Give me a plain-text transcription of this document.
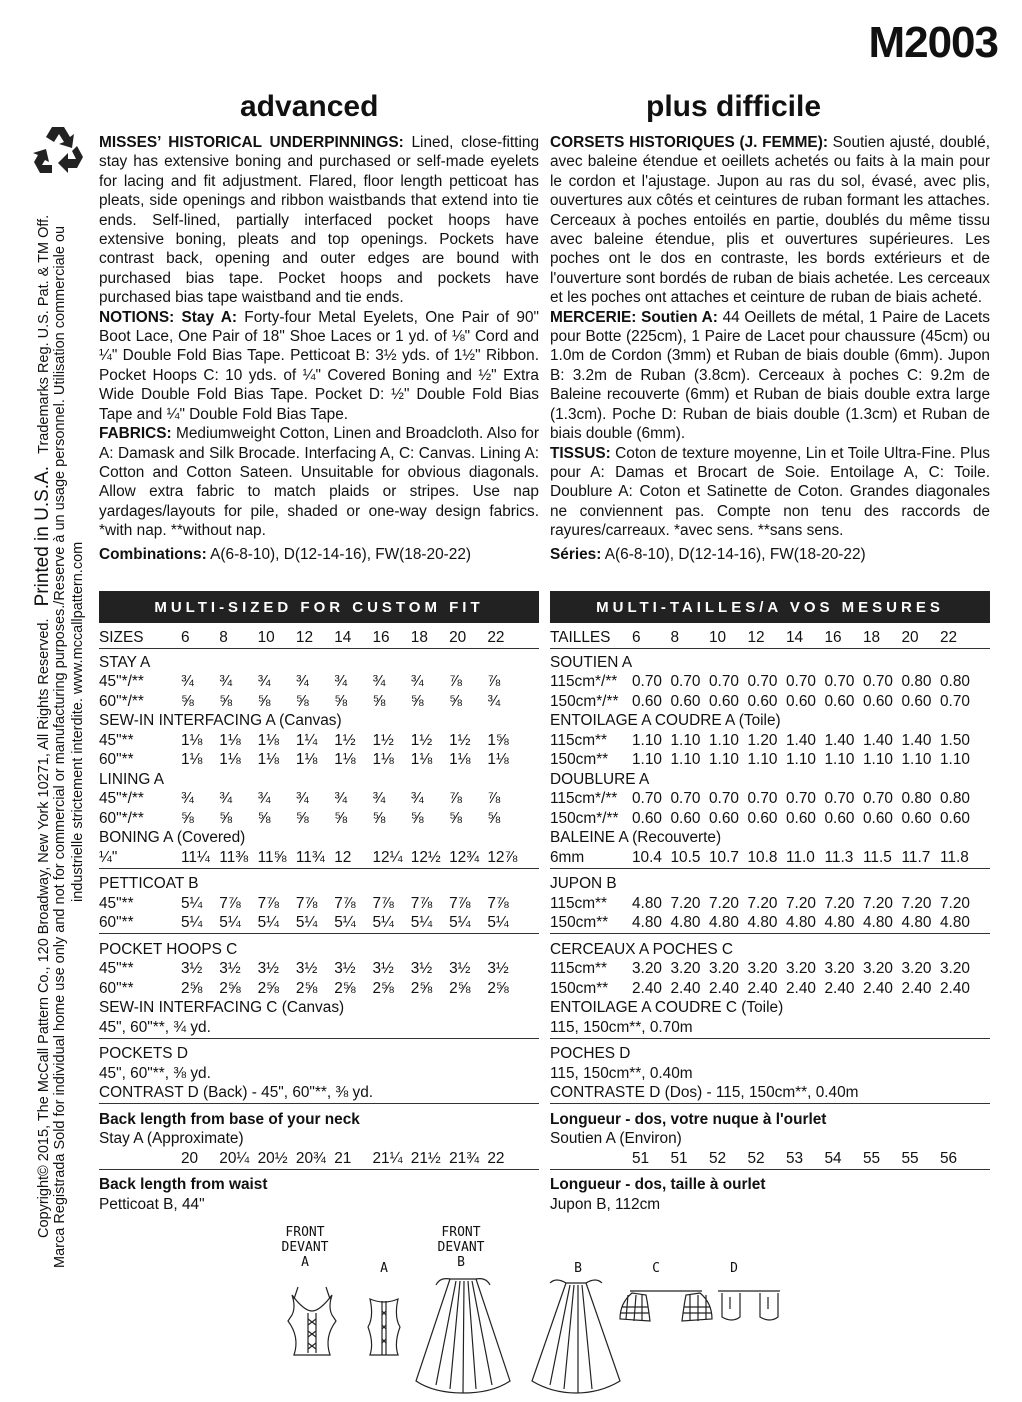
M2003
advanced	plus difficile
Copyright© 2015, The McCall Pattern Co., 120 Broadway, New York 10271, All Rights Reserved.   Printed in U.S.A.   Trademarks Reg. U.S. Pat. & TM Off. Marca Registrada Sold for individual home use only and not for commercial or manufacturing purposes./Reserve à un usage personnel. Utilisation commerciale ou industrielle strictement interdite. www.mccallpattern.com
MISSES’ HISTORICAL UNDERPINNINGS: Lined, close-fitting stay has extensive boning and purchased or self-made eyelets for lacing and fit adjustment. Flared, floor length petticoat has pleats, side openings and ribbon waistbands that extend into tie ends. Self-lined, partially interfaced pocket hoops have extensive boning, pleats and top openings. Pockets have contrast back, opening and outer edges are bound with purchased bias tape. Pocket hoops and pockets have purchased bias tape waistband and tie ends.
NOTIONS: Stay A: Forty-four Metal Eyelets, One Pair of 90" Boot Lace, One Pair of 18" Shoe Laces or 1 yd. of ⅛" Cord and ¼" Double Fold Bias Tape. Petticoat B: 3½ yds. of 1½" Ribbon. Pocket Hoops C: 10 yds. of ¼" Covered Boning and ½" Extra Wide Double Fold Bias Tape. Pocket D: ½" Double Fold Bias Tape and ¼" Double Fold Bias Tape.
FABRICS: Mediumweight Cotton, Linen and Broadcloth. Also for A: Damask and Silk Brocade. Interfacing A, C: Canvas. Lining A: Cotton and Cotton Sateen. Unsuitable for obvious diagonals. Allow extra fabric to match plaids or stripes. Use nap yardages/layouts for pile, shaded or one-way design fabrics. *with nap. **without nap.
Combinations: A(6-8-10), D(12-14-16), FW(18-20-22)
CORSETS HISTORIQUES (J. FEMME): Soutien ajusté, doublé, avec baleine étendue et oeillets achetés ou faits à la main pour le cordon et l'ajustage. Jupon au ras du sol, évasé, avec plis, ouvertures aux côtés et ceintures de ruban formant les attaches. Cerceaux à poches entoilés en partie, doublés du même tissu avec baleine étendue, plis et ouvertures supérieures. Les poches ont le dos en contraste, les bords extérieurs et de l'ouverture sont bordés de ruban de biais achetée. Les cerceaux et les poches ont attaches et ceinture de ruban de biais acheté.
MERCERIE: Soutien A: 44 Oeillets de métal, 1 Paire de Lacets pour Botte (225cm), 1 Paire de Lacet pour chaussure (45cm) ou 1.0m de Cordon (3mm) et Ruban de biais double (6mm). Jupon B: 3.2m de Ruban (3.8cm). Cerceaux à poches C: 9.2m de Baleine recouverte (6mm) et Ruban de biais double extra large (1.3cm). Poche D: Ruban de biais double (1.3cm) et Ruban de biais double (6mm).
TISSUS: Coton de texture moyenne, Lin et Toile Ultra-Fine. Plus pour A: Damas et Brocart de Soie. Entoilage A, C: Toile. Doublure A: Coton et Satinette de Coton. Grandes diagonales ne conviennent pas. Compte non tenu des raccords de rayures/carreaux. *avec sens. **sans sens.
Séries: A(6-8-10), D(12-14-16), FW(18-20-22)
MULTI-SIZED FOR CUSTOM FIT	MULTI-TAILLES/A VOS MESURES
SIZES	6	8	10	12	14	16	18	20	22
STAY A
45"*/**	¾	¾	¾	¾	¾	¾	¾	⅞	⅞
60"*/**	⅝	⅝	⅝	⅝	⅝	⅝	⅝	⅝	¾
SEW-IN INTERFACING A (Canvas)
45"**	1⅛	1⅛	1⅛	1¼	1½	1½	1½	1½	1⅝
60"**	1⅛	1⅛	1⅛	1⅛	1⅛	1⅛	1⅛	1⅛	1⅛
LINING A
45"*/**	¾	¾	¾	¾	¾	¾	¾	⅞	⅞
60"*/**	⅝	⅝	⅝	⅝	⅝	⅝	⅝	⅝	⅝
BONING A (Covered)
¼"	11¼ 11⅜ 11⅝ 11¾ 12	12¼ 12½ 12¾ 12⅞
PETTICOAT B
45"**	5¼	7⅞	7⅞	7⅞	7⅞	7⅞	7⅞	7⅞	7⅞
60"**	5¼	5¼	5¼	5¼	5¼	5¼	5¼	5¼	5¼
POCKET HOOPS C
45"**	3½	3½	3½	3½	3½	3½	3½	3½	3½
60"**	2⅝	2⅝	2⅝	2⅝	2⅝	2⅝	2⅝	2⅝	2⅝
SEW-IN INTERFACING C (Canvas)
45", 60"**, ¾ yd.
POCKETS D
45", 60"**, ⅜ yd.
CONTRAST D (Back) - 45", 60"**, ⅜ yd.
Back length from base of your neck
Stay A (Approximate)
20	20¼ 20½ 20¾ 21	21¼ 21½ 21¾ 22
Back length from waist
Petticoat B, 44"
TAILLES	6	8	10	12	14	16	18	20	22
SOUTIEN A
115cm*/** 0.70 0.70 0.70 0.70 0.70 0.70 0.70 0.80 0.80
150cm*/** 0.60 0.60 0.60 0.60 0.60 0.60 0.60 0.60 0.70
ENTOILAGE A COUDRE A (Toile)
115cm**	1.10 1.10 1.10 1.20 1.40 1.40 1.40 1.40 1.50
150cm**	1.10 1.10 1.10 1.10 1.10 1.10 1.10 1.10 1.10
DOUBLURE A
115cm*/** 0.70 0.70 0.70 0.70 0.70 0.70 0.70 0.80 0.80
150cm*/** 0.60 0.60 0.60 0.60 0.60 0.60 0.60 0.60 0.60
BALEINE A (Recouverte)
6mm	10.4 10.5 10.7 10.8 11.0 11.3 11.5 11.7 11.8
JUPON B
115cm**	4.80 7.20 7.20 7.20 7.20 7.20 7.20 7.20 7.20
150cm**	4.80 4.80 4.80 4.80 4.80 4.80 4.80 4.80 4.80
CERCEAUX A POCHES C
115cm**	3.20 3.20 3.20 3.20 3.20 3.20 3.20 3.20 3.20
150cm**	2.40 2.40 2.40 2.40 2.40 2.40 2.40 2.40 2.40
ENTOILAGE A COUDRE C (Toile)
115, 150cm**, 0.70m
POCHES D
115, 150cm**, 0.40m
CONTRASTE D (Dos) - 115, 150cm**, 0.40m
Longueur - dos, votre nuque à l'ourlet
Soutien A (Environ)
51	51	52	52	53	54	55	55	56
Longueur - dos, taille à ourlet
Jupon B, 112cm
FRONT
DEVANT
A	A
FRONT
DEVANT
B	B	C	D
